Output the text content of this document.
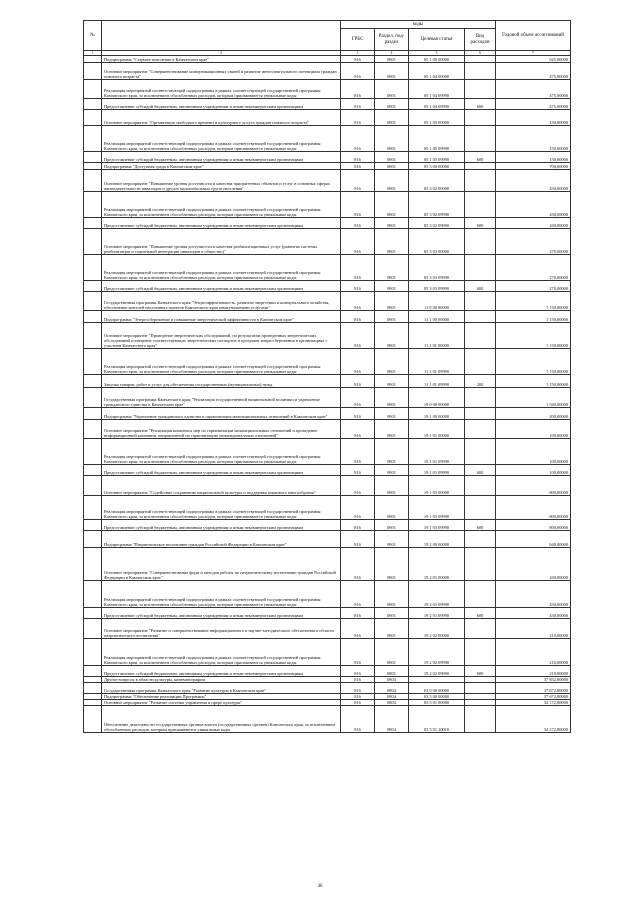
№		коды				Годовой объем ассигнований
		ГРБС	Раздел, под-раздел	Целевая статья	Вид расходов	
1	2	3	4	5	6	7
	Подпрограмма "Старшее поколение в Камчатском крае"	816	0801	05 1 00 00000		625,00000
	Основное мероприятие "Совершенствование коммуникационных связей и развитие интеллектуального потенциала граждан пожилого возраста"	816	0801	05 1 04 00000		475,00000
	Реализация мероприятий соответствующей подпрограммы в рамках соответствующей государственной программы Камчатского края, за исключением обособленных расходов, которым присваиваются уникальные коды	816	0801	05 1 04 09990		475,00000
	Предоставление субсидий бюджетным, автономным учреждениям и иным некоммерческим организациям	816	0801	05 1 04 09990	600	475,00000
	Основное мероприятие "Организация свободного времени и культурного досуга граждан пожилого возраста"	816	0801	05 1 05 00000		150,00000
	Реализация мероприятий соответствующей подпрограммы в рамках соответствующей государственной программы Камчатского края, за исключением обособленных расходов, которым присваиваются уникальные коды	816	0801	05 1 05 09990		150,00000
	Предоставление субсидий бюджетным, автономным учреждениям и иным некоммерческим организациям	816	0801	05 1 05 09990	600	150,00000
	Подпрограмма "Доступная среда в Камчатском крае"	816	0801	05 3 00 00000		700,00000
	Основное мероприятие "Повышение уровня доступности и качества приоритетных объектов и услуг в основных сферах жизнедеятельности инвалидов и других маломобильных групп населения"	816	0801	05 3 02 00000		430,00000
	Реализация мероприятий соответствующей подпрограммы в рамках соответствующей государственной программы Камчатского края, за исключением обособленных расходов, которым присваиваются уникальные коды	816	0801	05 3 02 09990		430,00000
	Предоставление субсидий бюджетным, автономным учреждениям и иным некоммерческим организациям	816	0801	05 3 02 09990	600	430,00000
	Основное мероприятие "Повышение уровня доступности и качества реабилитационных услуг (развитие системы реабилитации и социальной интеграции инвалидов в общество)"	816	0801	05 3 03 00000		270,00000
	Реализация мероприятий соответствующей подпрограммы в рамках соответствующей государственной программы Камчатского края, за исключением обособленных расходов, которым присваиваются уникальные коды	816	0801	05 3 03 09990		270,00000
	Предоставление субсидий бюджетным, автономным учреждениям и иным некоммерческим организациям	816	0801	05 3 03 09990	600	270,00000
	Государственная программа Камчатского края "Энергоэффективность, развитие энергетики и коммунального хозяйства, обеспечение жителей населенных пунктов Камчатского края коммунальными услугами"	816	0801	11 0 00 00000		1 150,00000
	Подпрограмма "Энергосбережение и повышение энергетической эффективности в Камчатском крае"	816	0801	11 1 00 00000		1 150,00000
	Основное мероприятие "Проведение энергетических обследований, по результатам проведенных энергетических обследований оснащение соответствующих энергетических паспортов и программ энергосбережения в организациях с участием Камчатского края"	816	0801	11 1 01 00000		1 150,00000
	Реализация мероприятий соответствующей подпрограммы в рамках соответствующей государственной программы Камчатского края, за исключением обособленных расходов, которым присваиваются уникальные коды	816	0801	11 1 01 09990		1 150,00000
	Закупка товаров, работ и услуг для обеспечения государственных (муниципальных) нужд	816	0801	11 1 01 09990	200	1 150,00000
	Государственная программа Камчатского края "Реализация государственной национальной политики и укрепление гражданского единства в Камчатском крае"	816	0801	19 0 00 00000		1 540,00000
	Подпрограмма "Укрепление гражданского единства и гармонизация межнациональных отношений в Камчатском крае"	816	0801	19 1 00 00000		200,00000
	Основное мероприятие "Реализация комплекса мер по гармонизации межнациональных отношений и проведение информационной кампании, направленной на гармонизацию межнациональных отношений"	816	0801	19 1 01 00000		100,00000
	Реализация мероприятий соответствующей подпрограммы в рамках соответствующей государственной программы Камчатского края, за исключением обособленных расходов, которым присваиваются уникальные коды	816	0801	19 1 01 09990		100,00000
	Предоставление субсидий бюджетным, автономным учреждениям и иным некоммерческим организациям	816	0801	19 1 01 09990	600	100,00000
	Основное мероприятие "Содействие сохранению национальной культуры и поддержка языкового многообразия"	816	0801	19 1 03 00000		800,00000
	Реализация мероприятий соответствующей подпрограммы в рамках соответствующей государственной программы Камчатского края, за исключением обособленных расходов, которым присваиваются уникальные коды	816	0801	19 1 03 09990		800,00000
	Предоставление субсидий бюджетным, автономным учреждениям и иным некоммерческим организациям	816	0801	19 1 03 09990	600	800,00000
	Подпрограмма "Патриотическое воспитание граждан Российской Федерации в Камчатском крае"	816	0801	19 2 00 00000		640,00000
	Основное мероприятие "Совершенствование форм и методов работы по патриотическому воспитанию граждан Российской Федерации в Камчатском крае"	816	0801	19 2 01 00000		430,00000
	Реализация мероприятий соответствующей подпрограммы в рамках соответствующей государственной программы Камчатского края, за исключением обособленных расходов, которым присваиваются уникальные коды	816	0801	19 2 01 09990		430,00000
	Предоставление субсидий бюджетным, автономным учреждениям и иным некоммерческим организациям	816	0801	19 2 01 09990	600	430,00000
	Основное мероприятие "Развитие и совершенствование информационного и научно-методического обеспечения в области патриотического воспитания"	816	0801	19 2 02 00000		210,00000
	Реализация мероприятий соответствующей подпрограммы в рамках соответствующей государственной программы Камчатского края, за исключением обособленных расходов, которым присваиваются уникальные коды	816	0801	19 2 02 09990		210,00000
	Предоставление субсидий бюджетным, автономным учреждениям и иным некоммерческим организациям	816	0801	19 2 02 09990	600	210,00000
	Другие вопросы в области культуры, кинематографии	816	0804			37 852,80000
	Государственная программа Камчатского края "Развитие культуры в Камчатском крае"	816	0804	03 0 00 00000		37 672,80000
	Подпрограмма "Обеспечение реализации Программы"	816	0804	03 5 00 00000		37 672,80000
	Основное мероприятие "Развитие системы управления в сфере культуры"	816	0804	03 5 01 00000		34 172,80000
	Обеспечение деятельности государственных органов власти (государственных органов) Камчатского края, за исключением обособленных расходов, которым присваиваются уникальные коды	816	0804	03 5 01 10010		34 172,80000
46
